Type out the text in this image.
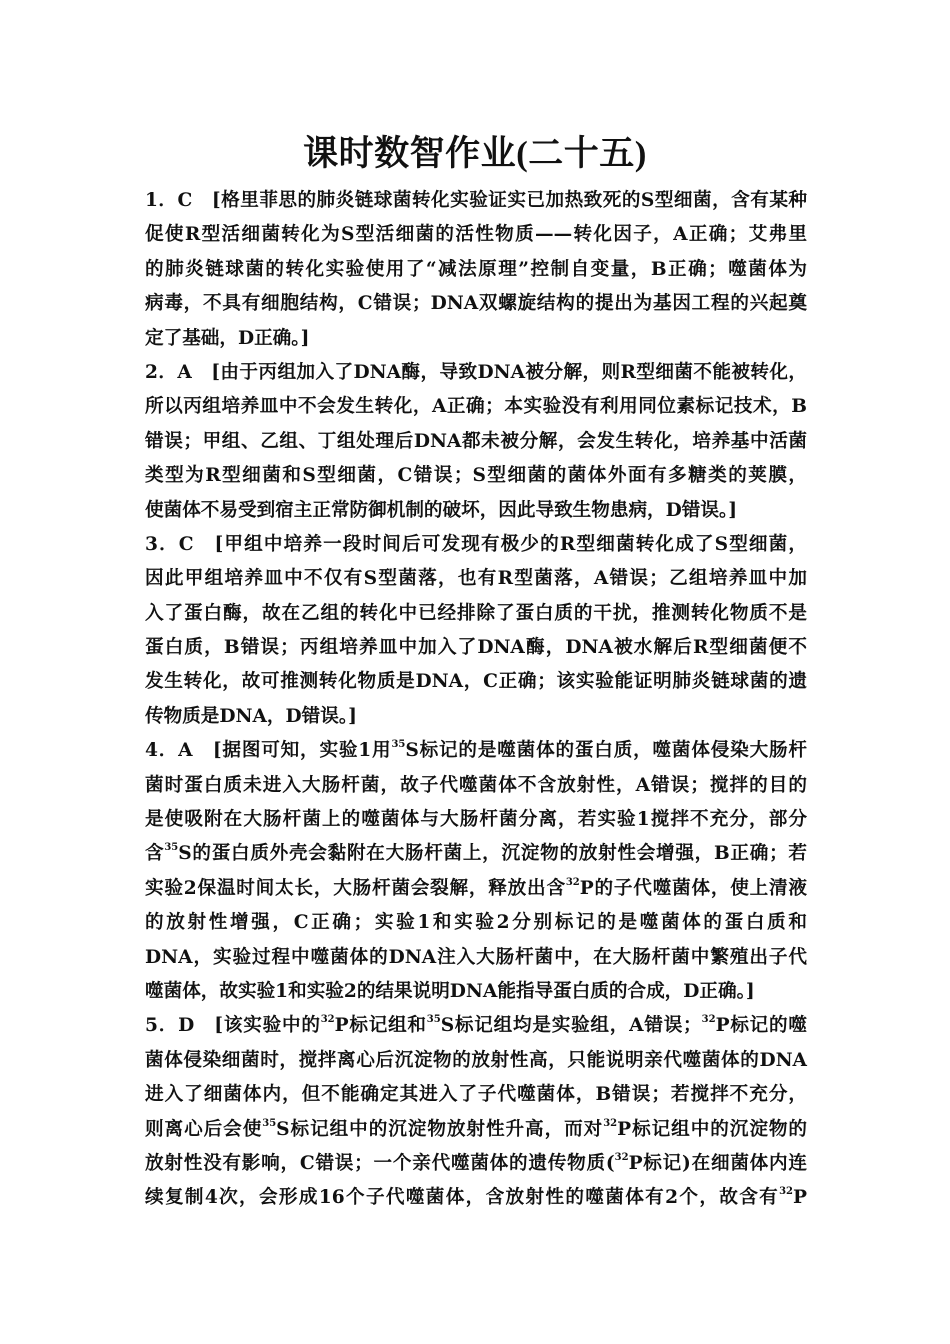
课时数智作业(二十五)
1．C　[格里菲思的肺炎链球菌转化实验证实已加热致死的S型细菌，含有某种
促使R型活细菌转化为S型活细菌的活性物质——转化因子，A正确；艾弗里
的肺炎链球菌的转化实验使用了“减法原理”控制自变量，B正确；噬菌体为
病毒，不具有细胞结构，C错误；DNA双螺旋结构的提出为基因工程的兴起奠
定了基础，D正确。]
2．A　[由于丙组加入了DNA酶，导致DNA被分解，则R型细菌不能被转化，
所以丙组培养皿中不会发生转化，A正确；本实验没有利用同位素标记技术，B
错误；甲组、乙组、丁组处理后DNA都未被分解，会发生转化，培养基中活菌
类型为R型细菌和S型细菌，C错误；S型细菌的菌体外面有多糖类的荚膜，
使菌体不易受到宿主正常防御机制的破坏，因此导致生物患病，D错误。]
3．C　[甲组中培养一段时间后可发现有极少的R型细菌转化成了S型细菌，
因此甲组培养皿中不仅有S型菌落，也有R型菌落，A错误；乙组培养皿中加
入了蛋白酶，故在乙组的转化中已经排除了蛋白质的干扰，推测转化物质不是
蛋白质，B错误；丙组培养皿中加入了DNA酶，DNA被水解后R型细菌便不
发生转化，故可推测转化物质是DNA，C正确；该实验能证明肺炎链球菌的遗
传物质是DNA，D错误。]
4．A　[据图可知，实验1用$^{35}$S标记的是噬菌体的蛋白质，噬菌体侵染大肠杆
菌时蛋白质未进入大肠杆菌，故子代噬菌体不含放射性，A错误；搅拌的目的
是使吸附在大肠杆菌上的噬菌体与大肠杆菌分离，若实验1搅拌不充分，部分
含$^{35}$S的蛋白质外壳会黏附在大肠杆菌上，沉淀物的放射性会增强，B正确；若
实验2保温时间太长，大肠杆菌会裂解，释放出含$^{32}$P的子代噬菌体，使上清液
的放射性增强，C正确；实验1和实验2分别标记的是噬菌体的蛋白质和
DNA，实验过程中噬菌体的DNA注入大肠杆菌中，在大肠杆菌中繁殖出子代
噬菌体，故实验1和实验2的结果说明DNA能指导蛋白质的合成，D正确。]
5．D　[该实验中的$^{32}$P标记组和$^{35}$S标记组均是实验组，A错误；$^{32}$P标记的噬
菌体侵染细菌时，搅拌离心后沉淀物的放射性高，只能说明亲代噬菌体的DNA
进入了细菌体内，但不能确定其进入了子代噬菌体，B错误；若搅拌不充分，
则离心后会使$^{35}$S标记组中的沉淀物放射性升高，而对$^{32}$P标记组中的沉淀物的
放射性没有影响，C错误；一个亲代噬菌体的遗传物质($^{32}$P标记)在细菌体内连
续复制4次，会形成16个子代噬菌体，含放射性的噬菌体有2个，故含有$^{32}$P
